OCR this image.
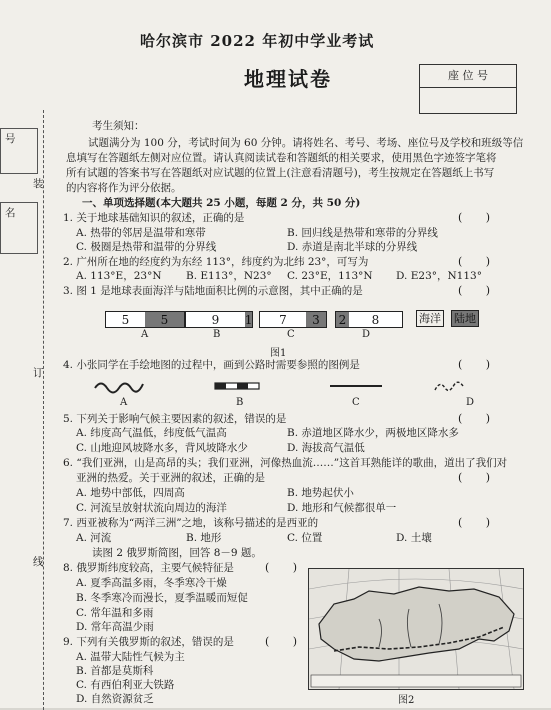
哈尔滨市 2022 年初中学业考试
地理试卷	座 位 号
号
装
名
订
线
考生须知：
试题满分为 100 分，考试时间为 60 分钟。请将姓名、考号、考场、座位号及学校和班级等信
息填写在答题纸左侧对应位置。请认真阅读试卷和答题纸的相关要求，使用黑色字迹签字笔将
所有试题的答案书写在答题纸对应试题的位置上(注意看清题号)，考生按规定在答题纸上书写
的内容将作为评分依据。
一、单项选择题(本大题共 25 小题，每题 2 分，共 50 分)
1. 关于地球基础知识的叙述，正确的是	( )
A. 热带的邻居是温带和寒带	B. 回归线是热带和寒带的分界线
C. 极圈是热带和温带的分界线	D. 赤道是南北半球的分界线
2. 广州所在地的经度约为东经 113°，纬度约为北纬 23°，可写为	( )
A. 113°E，23°N B. E113°，N23° C. 23°E，113°N D. E23°，N113°
3. 图 1 是地球表面海洋与陆地面积比例的示意图，其中正确的是	( )
5	5	9	1	7	3	2	8	海洋 陆地
A	B	C	D
图1
4. 小张同学在手绘地图的过程中，画到公路时需要参照的图例是	( )
A	B	C	D
5. 下列关于影响气候主要因素的叙述，错误的是	( )
A. 纬度高气温低，纬度低气温高	B. 赤道地区降水少，两极地区降水多
C. 山地迎风坡降水多，背风坡降水少	D. 海拔高气温低
6. “我们亚洲，山是高昂的头；我们亚洲，河像热血流……”这首耳熟能详的歌曲，道出了我们对
亚洲的热爱。关于亚洲的叙述，正确的是	( )
A. 地势中部低，四周高	B. 地势起伏小
C. 河流呈放射状流向周边的海洋	D. 地形和气候都很单一
7. 西亚被称为“两洋三洲”之地，该称号描述的是西亚的	( )
A. 河流	B. 地形	C. 位置	D. 土壤
读图 2 俄罗斯简图，回答 8－9 题。
8. 俄罗斯纬度较高，主要气候特征是	( )
A. 夏季高温多雨，冬季寒冷干燥
B. 冬季寒冷而漫长，夏季温暖而短促
C. 常年温和多雨
D. 常年高温少雨
9. 下列有关俄罗斯的叙述，错误的是	( )
A. 温带大陆性气候为主
B. 首都是莫斯科
C. 有西伯利亚大铁路
D. 自然资源贫乏	图2
